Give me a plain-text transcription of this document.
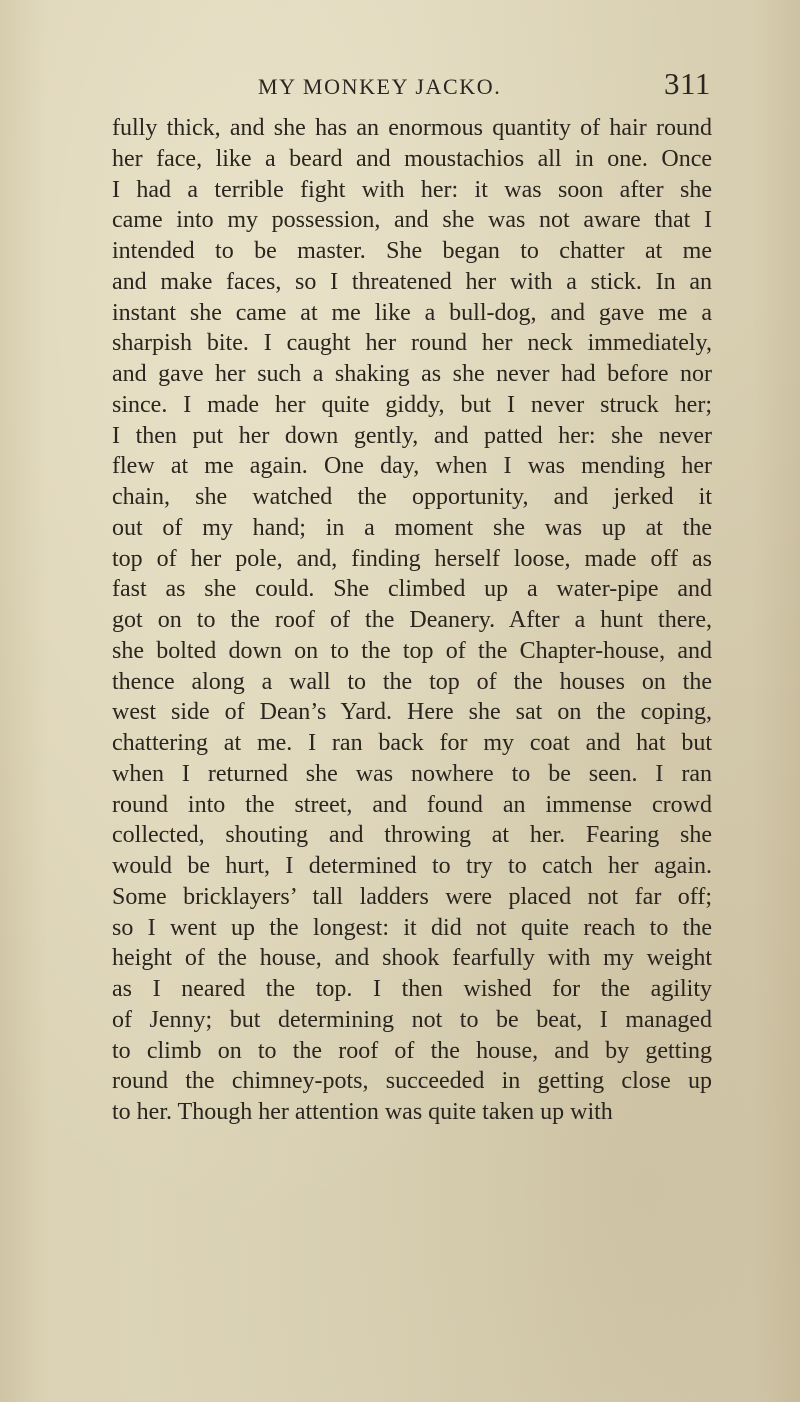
MY MONKEY JACKO.	311
fully thick, and she has an enormous quantity of hair round
her face, like a beard and moustachios all in one. Once
I had a terrible fight with her: it was soon after she
came into my possession, and she was not aware that I
intended to be master. She began to chatter at me
and make faces, so I threatened her with a stick. In an
instant she came at me like a bull-dog, and gave me a
sharpish bite. I caught her round her neck immediately,
and gave her such a shaking as she never had before nor
since. I made her quite giddy, but I never struck her;
I then put her down gently, and patted her: she never
flew at me again. One day, when I was mending her
chain, she watched the opportunity, and jerked it
out of my hand; in a moment she was up at the
top of her pole, and, finding herself loose, made off as
fast as she could. She climbed up a water-pipe and
got on to the roof of the Deanery. After a hunt there,
she bolted down on to the top of the Chapter-house, and
thence along a wall to the top of the houses on the
west side of Dean’s Yard. Here she sat on the coping,
chattering at me. I ran back for my coat and hat but
when I returned she was nowhere to be seen. I ran
round into the street, and found an immense crowd
collected, shouting and throwing at her. Fearing she
would be hurt, I determined to try to catch her again.
Some bricklayers’ tall ladders were placed not far off;
so I went up the longest: it did not quite reach to the
height of the house, and shook fearfully with my weight
as I neared the top. I then wished for the agility
of Jenny; but determining not to be beat, I managed
to climb on to the roof of the house, and by getting
round the chimney-pots, succeeded in getting close up
to her. Though her attention was quite taken up with
